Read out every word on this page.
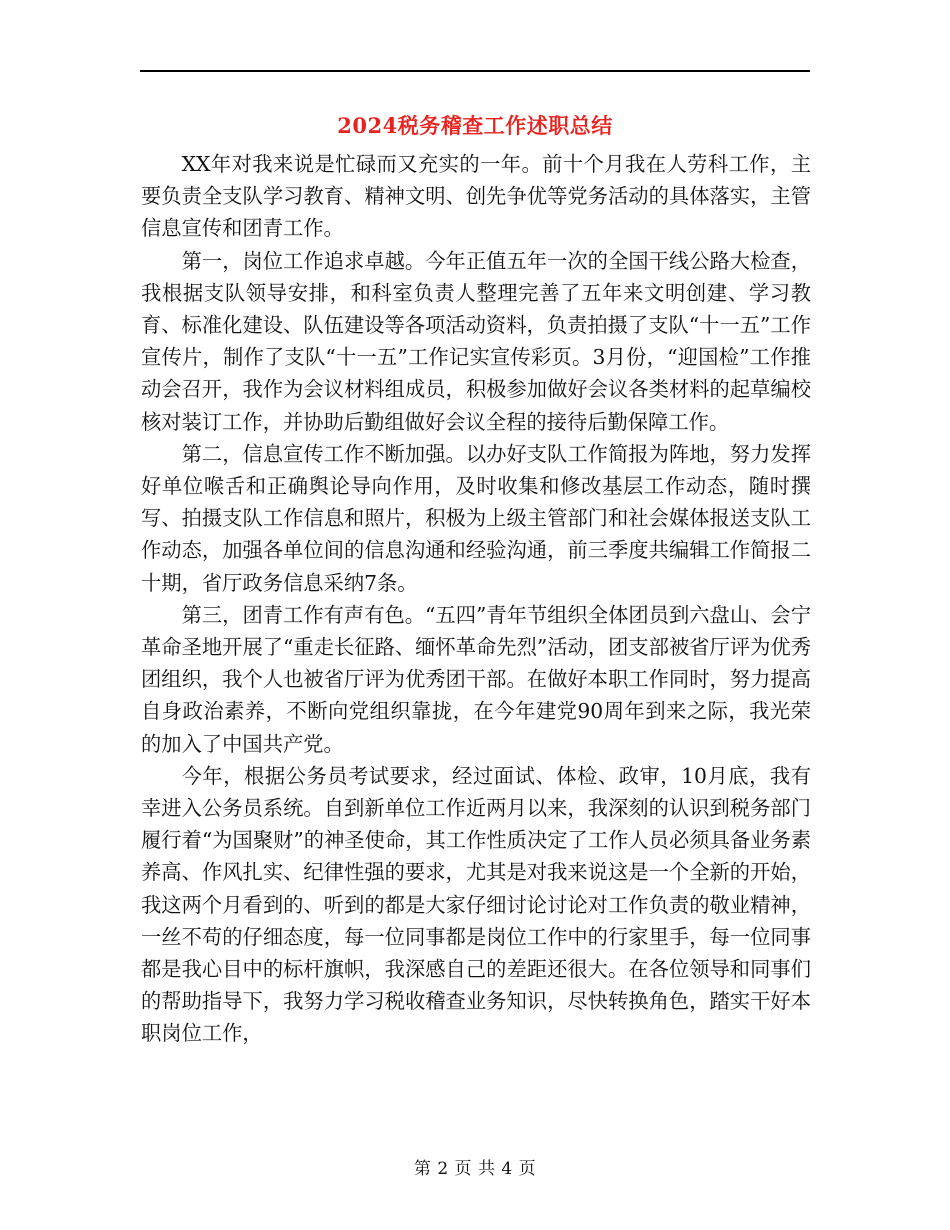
2024税务稽查工作述职总结

XX年对我来说是忙碌而又充实的一年。前十个月我在人劳科工作，主要负责全支队学习教育、精神文明、创先争优等党务活动的具体落实，主管信息宣传和团青工作。

第一，岗位工作追求卓越。今年正值五年一次的全国干线公路大检查，我根据支队领导安排，和科室负责人整理完善了五年来文明创建、学习教育、标准化建设、队伍建设等各项活动资料，负责拍摄了支队“十一五”工作宣传片，制作了支队“十一五”工作记实宣传彩页。3月份，“迎国检”工作推动会召开，我作为会议材料组成员，积极参加做好会议各类材料的起草编校核对装订工作，并协助后勤组做好会议全程的接待后勤保障工作。

第二，信息宣传工作不断加强。以办好支队工作简报为阵地，努力发挥好单位喉舌和正确舆论导向作用，及时收集和修改基层工作动态，随时撰写、拍摄支队工作信息和照片，积极为上级主管部门和社会媒体报送支队工作动态，加强各单位间的信息沟通和经验沟通，前三季度共编辑工作简报二十期，省厅政务信息采纳7条。

第三，团青工作有声有色。“五四”青年节组织全体团员到六盘山、会宁革命圣地开展了“重走长征路、缅怀革命先烈”活动，团支部被省厅评为优秀团组织，我个人也被省厅评为优秀团干部。在做好本职工作同时，努力提高自身政治素养，不断向党组织靠拢，在今年建党90周年到来之际，我光荣的加入了中国共产党。

今年，根据公务员考试要求，经过面试、体检、政审，10月底，我有幸进入公务员系统。自到新单位工作近两月以来，我深刻的认识到税务部门履行着“为国聚财”的神圣使命，其工作性质决定了工作人员必须具备业务素养高、作风扎实、纪律性强的要求，尤其是对我来说这是一个全新的开始，我这两个月看到的、听到的都是大家仔细讨论讨论对工作负责的敬业精神，一丝不苟的仔细态度，每一位同事都是岗位工作中的行家里手，每一位同事都是我心目中的标杆旗帜，我深感自己的差距还很大。在各位领导和同事们的帮助指导下，我努力学习税收稽查业务知识，尽快转换角色，踏实干好本职岗位工作，

第 2 页 共 4 页
